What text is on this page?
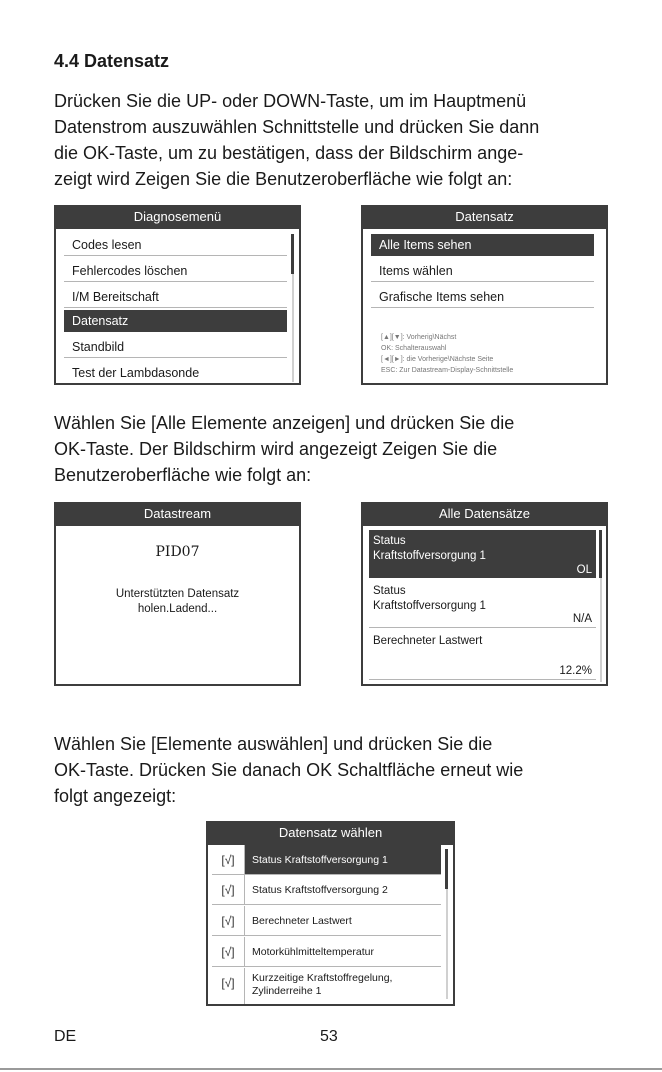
4.4 Datensatz
Drücken Sie die UP- oder DOWN-Taste, um im Hauptmenü
Datenstrom auszuwählen Schnittstelle und drücken Sie dann
die OK-Taste, um zu bestätigen, dass der Bildschirm ange-
zeigt wird Zeigen Sie die Benutzeroberfläche wie folgt an:
Diagnosemenü
Codes lesen
Fehlercodes löschen
I/M Bereitschaft
Datensatz
Standbild
Test der Lambdasonde
Datensatz
Alle Items sehen
Items wählen
Grafische Items sehen
[▲][▼]: Vorherig\Nächst
OK: Schalterauswahl
[◄][►]: die Vorherige\Nächste Seite
ESC: Zur Datastream-Display-Schnittstelle
Wählen Sie [Alle Elemente anzeigen] und drücken Sie die
OK-Taste. Der Bildschirm wird angezeigt Zeigen Sie die
Benutzeroberfläche wie folgt an:
Datastream
PID07
Unterstützten Datensatz
holen.Ladend...
Alle Datensätze
Status
Kraftstoffversorgung 1
OL
Status
Kraftstoffversorgung 1
N/A
Berechneter Lastwert
12.2%
Wählen Sie [Elemente auswählen] und drücken Sie die
OK-Taste. Drücken Sie danach OK Schaltfläche erneut wie
folgt angezeigt:
Datensatz wählen
[√]	Status Kraftstoffversorgung 1
[√]	Status Kraftstoffversorgung 2
[√]	Berechneter Lastwert
[√]	Motorkühlmitteltemperatur
[√]	Kurzzeitige Kraftstoffregelung,
Zylinderreihe 1
DE	53
